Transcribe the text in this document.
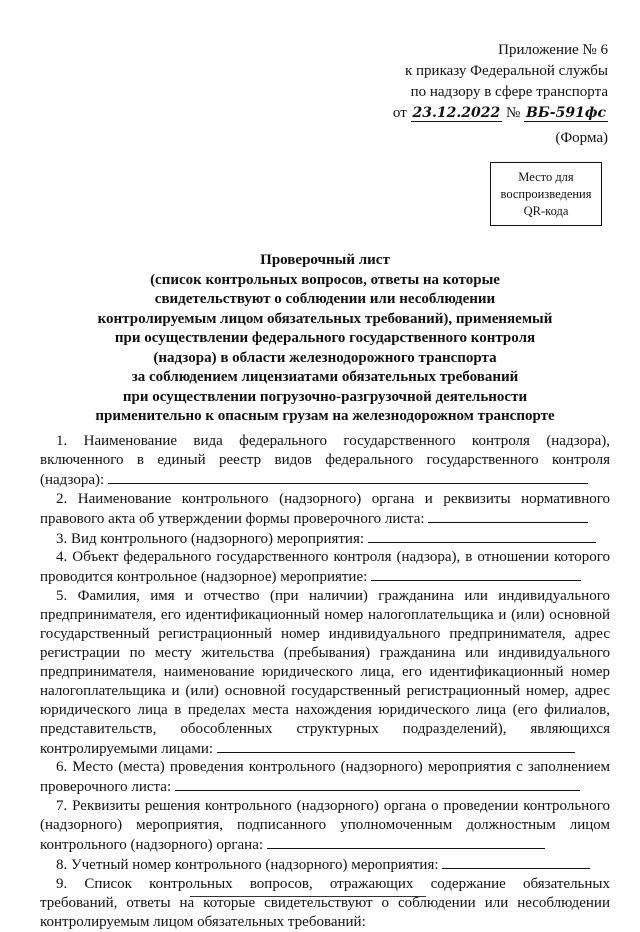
Приложение № 6
к приказу Федеральной службы
по надзору в сфере транспорта
от 23.12.2022 № ВБ-591фс
(Форма)
Место для
воспроизведения
QR-кода
Проверочный лист
(список контрольных вопросов, ответы на которые
свидетельствуют о соблюдении или несоблюдении
контролируемым лицом обязательных требований), применяемый
при осуществлении федерального государственного контроля
(надзора) в области железнодорожного транспорта
за соблюдением лицензиатами обязательных требований
при осуществлении погрузочно-разгрузочной деятельности
применительно к опасным грузам на железнодорожном транспорте
1. Наименование вида федерального государственного контроля (надзора),
включенного в единый реестр видов федерального государственного контроля
(надзора):
2. Наименование контрольного (надзорного) органа и реквизиты нормативного
правового акта об утверждении формы проверочного листа:
3. Вид контрольного (надзорного) мероприятия:
4. Объект федерального государственного контроля (надзора), в отношении которого
проводится контрольное (надзорное) мероприятие:
5. Фамилия, имя и отчество (при наличии) гражданина или индивидуального
предпринимателя, его идентификационный номер налогоплательщика и (или) основной
государственный регистрационный номер индивидуального предпринимателя, адрес
регистрации по месту жительства (пребывания) гражданина или индивидуального
предпринимателя, наименование юридического лица, его идентификационный номер
налогоплательщика и (или) основной государственный регистрационный номер, адрес
юридического лица в пределах места нахождения юридического лица (его филиалов,
представительств, обособленных структурных подразделений), являющихся
контролируемыми лицами:
6. Место (места) проведения контрольного (надзорного) мероприятия с заполнением
проверочного листа:
7. Реквизиты решения контрольного (надзорного) органа о проведении контрольного
(надзорного) мероприятия, подписанного уполномоченным должностным лицом
контрольного (надзорного) органа:
8. Учетный номер контрольного (надзорного) мероприятия:
9. Список контрольных вопросов, отражающих содержание обязательных
требований, ответы на которые свидетельствуют о соблюдении или несоблюдении
контролируемым лицом обязательных требований:
